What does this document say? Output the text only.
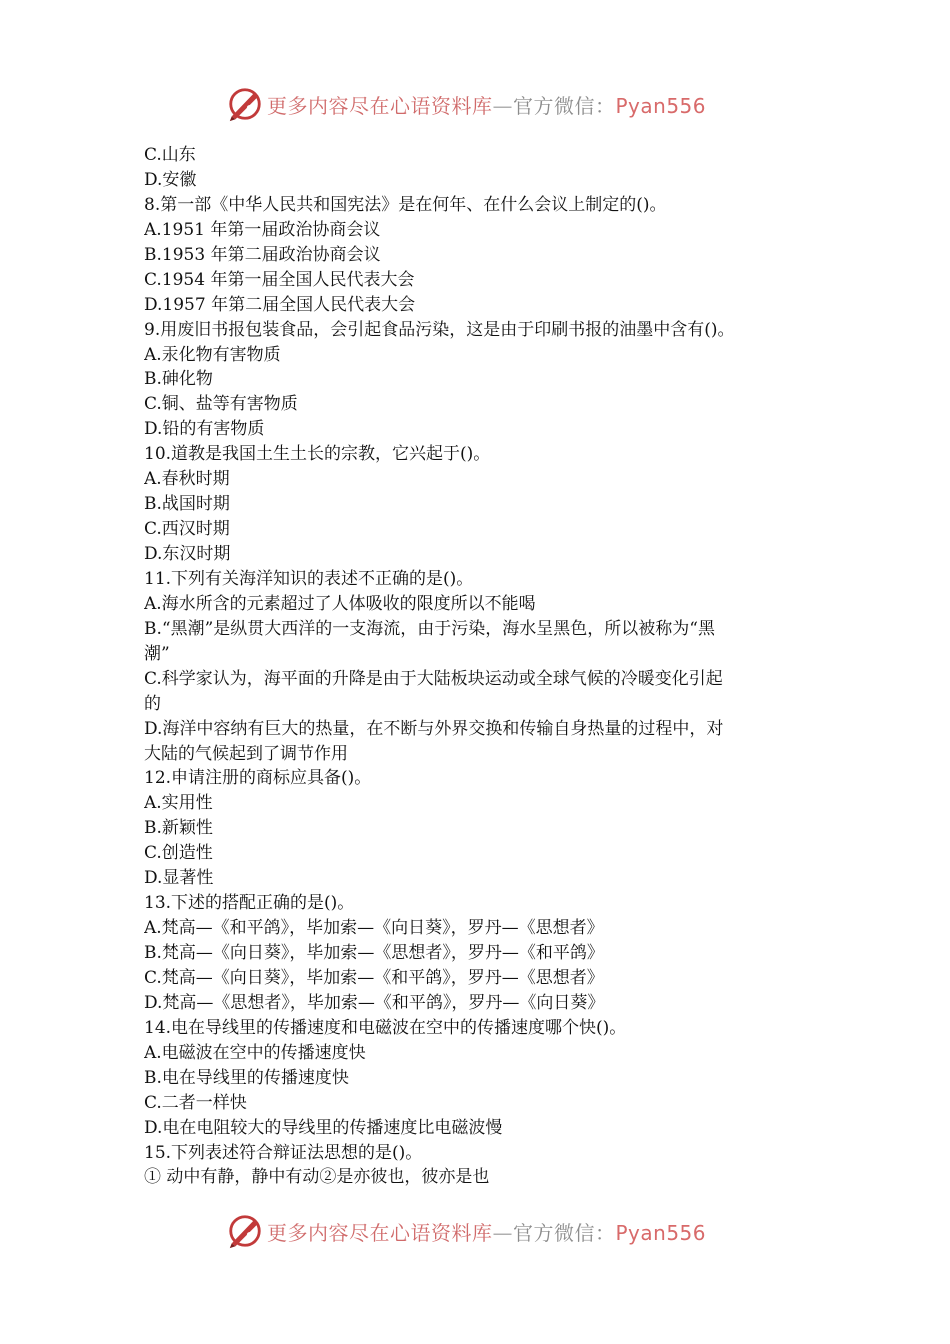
更多内容尽在心语资料库—官方微信：Pyan556
C.山东
D.安徽
8.第一部《中华人民共和国宪法》是在何年、在什么会议上制定的()。
A.1951 年第一届政治协商会议
B.1953 年第二届政治协商会议
C.1954 年第一届全国人民代表大会
D.1957 年第二届全国人民代表大会
9.用废旧书报包装食品，会引起食品污染，这是由于印刷书报的油墨中含有()。
A.汞化物有害物质
B.砷化物
C.铜、盐等有害物质
D.铅的有害物质
10.道教是我国土生土长的宗教，它兴起于()。
A.春秋时期
B.战国时期
C.西汉时期
D.东汉时期
11.下列有关海洋知识的表述不正确的是()。
A.海水所含的元素超过了人体吸收的限度所以不能喝
B.“黑潮”是纵贯大西洋的一支海流，由于污染，海水呈黑色，所以被称为“黑
潮”
C.科学家认为，海平面的升降是由于大陆板块运动或全球气候的冷暖变化引起
的
D.海洋中容纳有巨大的热量，在不断与外界交换和传输自身热量的过程中，对
大陆的气候起到了调节作用
12.申请注册的商标应具备()。
A.实用性
B.新颖性
C.创造性
D.显著性
13.下述的搭配正确的是()。
A.梵高—《和平鸽》，毕加索—《向日葵》，罗丹—《思想者》
B.梵高—《向日葵》，毕加索—《思想者》，罗丹—《和平鸽》
C.梵高—《向日葵》，毕加索—《和平鸽》，罗丹—《思想者》
D.梵高—《思想者》，毕加索—《和平鸽》，罗丹—《向日葵》
14.电在导线里的传播速度和电磁波在空中的传播速度哪个快()。
A.电磁波在空中的传播速度快
B.电在导线里的传播速度快
C.二者一样快
D.电在电阻较大的导线里的传播速度比电磁波慢
15.下列表述符合辩证法思想的是()。
① 动中有静，静中有动②是亦彼也，彼亦是也
更多内容尽在心语资料库—官方微信：Pyan556
